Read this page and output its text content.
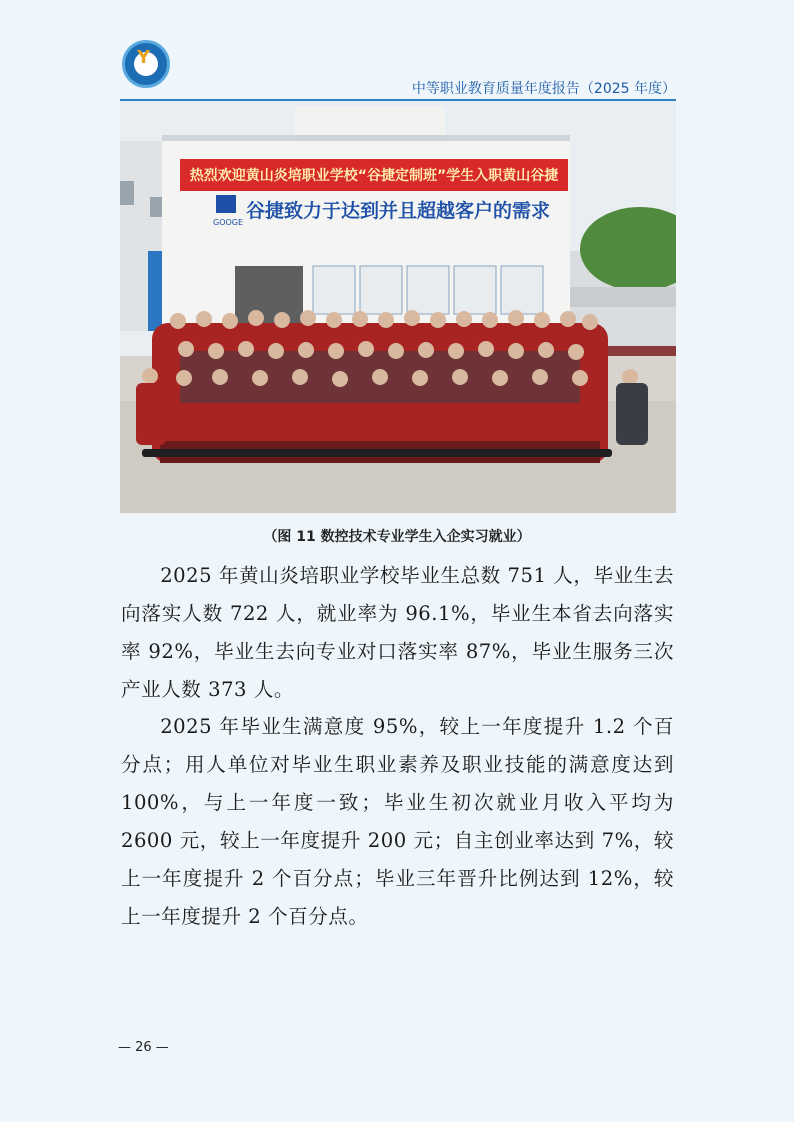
Y
中等职业教育质量年度报告（2025 年度）
热烈欢迎黄山炎培职业学校“谷捷定制班”学生入职黄山谷捷
GOOGE
谷捷致力于达到并且超越客户的需求
（图 11 数控技术专业学生入企实习就业）

2025 年黄山炎培职业学校毕业生总数 751 人，毕业生去向落实人数 722 人，就业率为 96.1%，毕业生本省去向落实率 92%，毕业生去向专业对口落实率 87%，毕业生服务三次产业人数 373 人。

2025 年毕业生满意度 95%，较上一年度提升 1.2 个百分点；用人单位对毕业生职业素养及职业技能的满意度达到 100%，与上一年度一致；毕业生初次就业月收入平均为 2600 元，较上一年度提升 200 元；自主创业率达到 7%，较上一年度提升 2 个百分点；毕业三年晋升比例达到 12%，较上一年度提升 2 个百分点。

— 26 —
